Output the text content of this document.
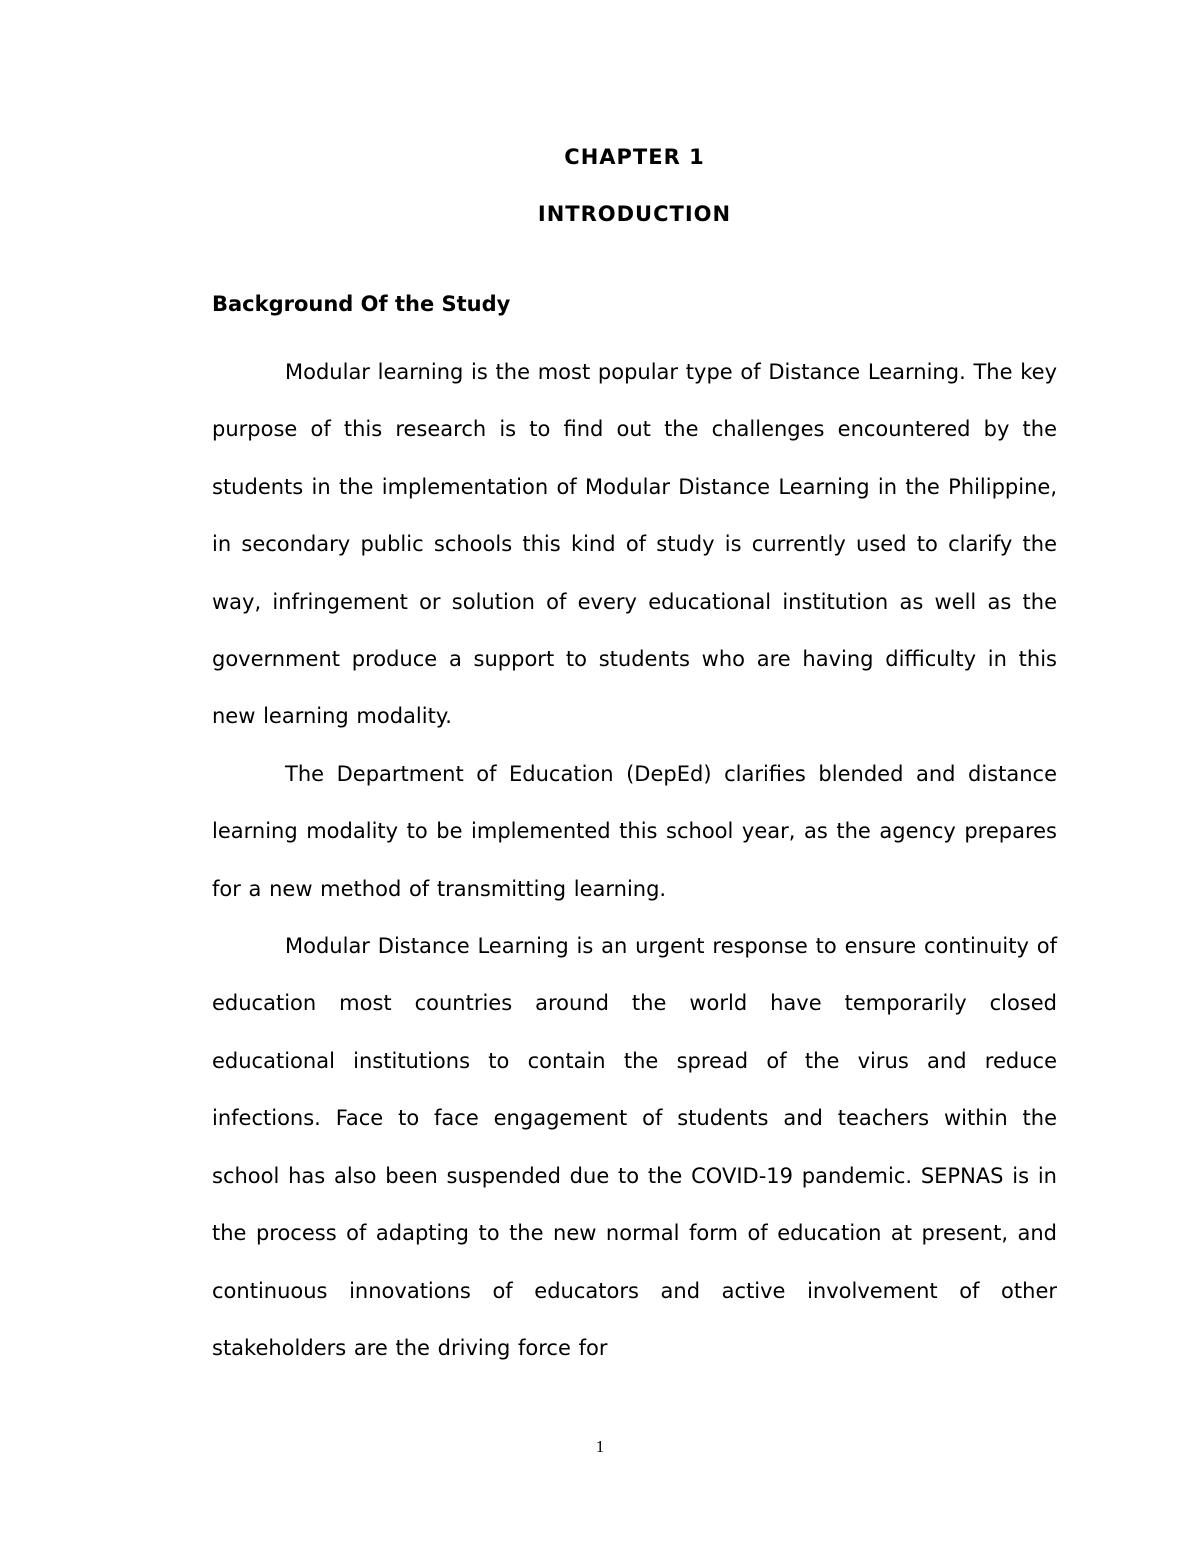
CHAPTER 1

INTRODUCTION

Background Of the Study

Modular learning is the most popular type of Distance Learning. The key purpose of this research is to find out the challenges encountered by the students in the implementation of Modular Distance Learning in the Philippine, in secondary public schools this kind of study is currently used to clarify the way, infringement or solution of every educational institution as well as the government produce a support to students who are having difficulty in this new learning modality.

The Department of Education (DepEd) clarifies blended and distance learning modality to be implemented this school year, as the agency prepares for a new method of transmitting learning.

Modular Distance Learning is an urgent response to ensure continuity of education most countries around the world have temporarily closed educational institutions to contain the spread of the virus and reduce infections. Face to face engagement of students and teachers within the school has also been suspended due to the COVID-19 pandemic. SEPNAS is in the process of adapting to the new normal form of education at present, and continuous innovations of educators and active involvement of other stakeholders are the driving force for

1
